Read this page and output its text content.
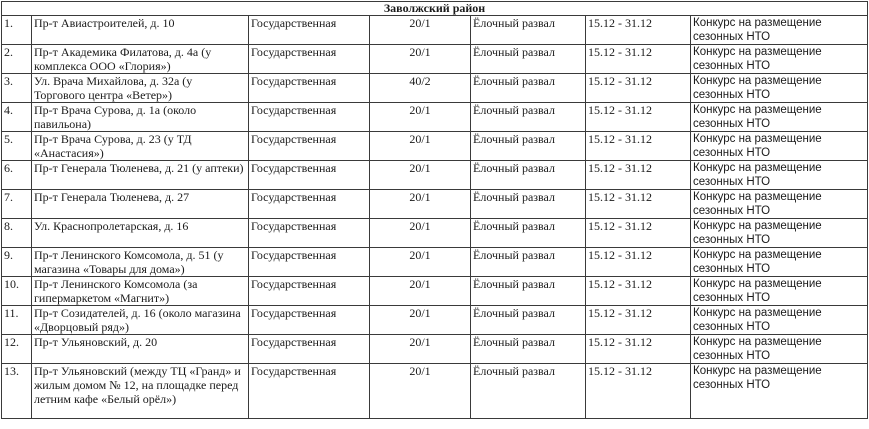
Заволжский район						
1.	Пр-т Авиастроителей, д. 10	Государственная	20/1	Ёлочный развал	15.12 - 31.12	Конкурс на размещение сезонных НТО
2.	Пр-т Академика Филатова, д. 4а (у комплекса ООО «Глория»)	Государственная	20/1	Ёлочный развал	15.12 - 31.12	Конкурс на размещение сезонных НТО
3.	Ул. Врача Михайлова, д. 32а (у Торгового центра «Ветер»)	Государственная	40/2	Ёлочный развал	15.12 - 31.12	Конкурс на размещение сезонных НТО
4.	Пр-т Врача Сурова, д. 1а (около павильона)	Государственная	20/1	Ёлочный развал	15.12 - 31.12	Конкурс на размещение сезонных НТО
5.	Пр-т Врача Сурова, д. 23 (у ТД «Анастасия»)	Государственная	20/1	Ёлочный развал	15.12 - 31.12	Конкурс на размещение сезонных НТО
6.	Пр-т Генерала Тюленева, д. 21 (у аптеки)	Государственная	20/1	Ёлочный развал	15.12 - 31.12	Конкурс на размещение сезонных НТО
7.	Пр-т Генерала Тюленева, д. 27	Государственная	20/1	Ёлочный развал	15.12 - 31.12	Конкурс на размещение сезонных НТО
8.	Ул. Краснопролетарская, д. 16	Государственная	20/1	Ёлочный развал	15.12 - 31.12	Конкурс на размещение сезонных НТО
9.	Пр-т Ленинского Комсомола, д. 51 (у магазина «Товары для дома»)	Государственная	20/1	Ёлочный развал	15.12 - 31.12	Конкурс на размещение сезонных НТО
10.	Пр-т Ленинского Комсомола (за гипермаркетом «Магнит»)	Государственная	20/1	Ёлочный развал	15.12 - 31.12	Конкурс на размещение сезонных НТО
11.	Пр-т Созидателей, д. 16 (около магазина «Дворцовый ряд»)	Государственная	20/1	Ёлочный развал	15.12 - 31.12	Конкурс на размещение сезонных НТО
12.	Пр-т Ульяновский, д. 20	Государственная	20/1	Ёлочный развал	15.12 - 31.12	Конкурс на размещение сезонных НТО
13.	Пр-т Ульяновский (между ТЦ «Гранд» и жилым домом № 12, на площадке перед летним кафе «Белый орёл»)	Государственная	20/1	Ёлочный развал	15.12 - 31.12	Конкурс на размещение сезонных НТО
